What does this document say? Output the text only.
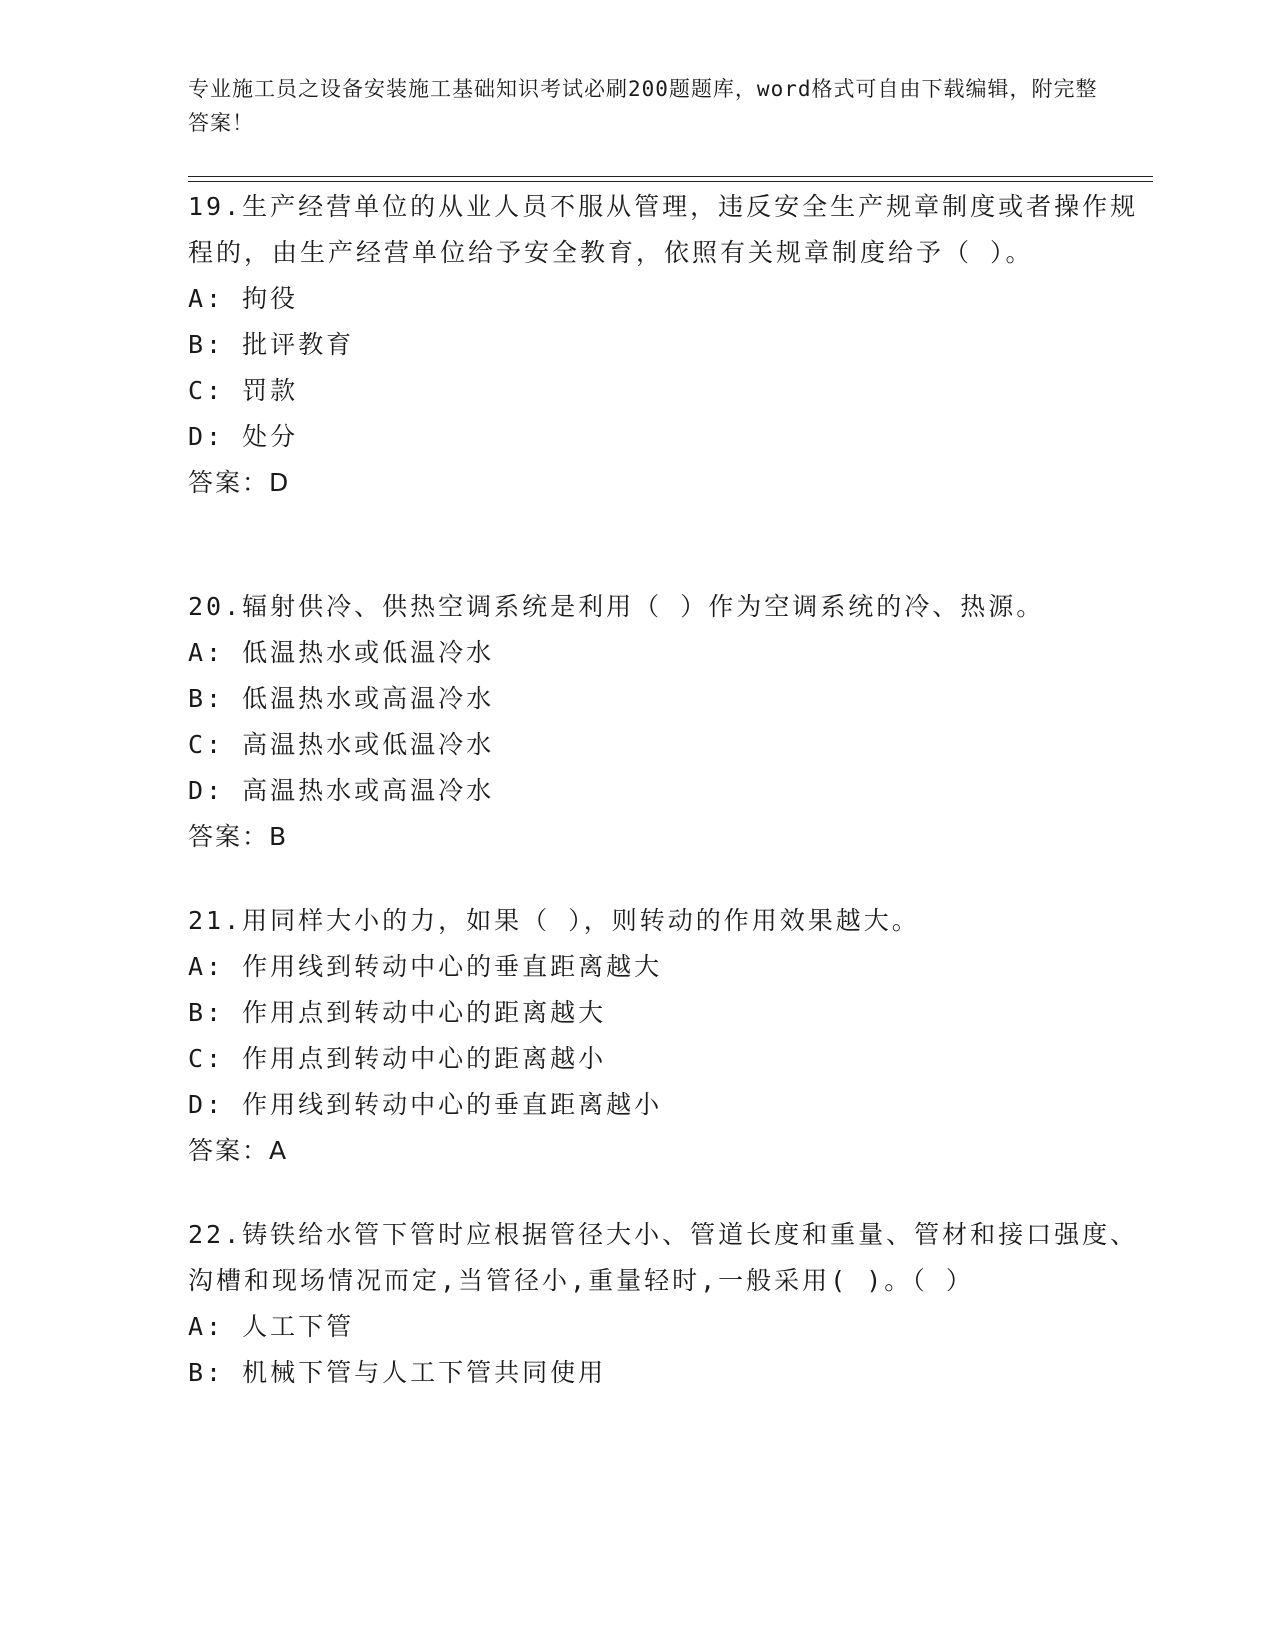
专业施工员之设备安装施工基础知识考试必刷200题题库，word格式可自由下载编辑，附完整答案！

19.生产经营单位的从业人员不服从管理，违反安全生产规章制度或者操作规程的，由生产经营单位给予安全教育，依照有关规章制度给予（ ）。

A: 拘役

B: 批评教育

C: 罚款

D: 处分

答案：D

20.辐射供冷、供热空调系统是利用（ ）作为空调系统的冷、热源。

A: 低温热水或低温冷水

B: 低温热水或高温冷水

C: 高温热水或低温冷水

D: 高温热水或高温冷水

答案：B

21.用同样大小的力，如果（ ），则转动的作用效果越大。

A: 作用线到转动中心的垂直距离越大

B: 作用点到转动中心的距离越大

C: 作用点到转动中心的距离越小

D: 作用线到转动中心的垂直距离越小

答案：A

22.铸铁给水管下管时应根据管径大小、管道长度和重量、管材和接口强度、沟槽和现场情况而定,当管径小,重量轻时,一般采用( )。（ ）

A: 人工下管

B: 机械下管与人工下管共同使用
